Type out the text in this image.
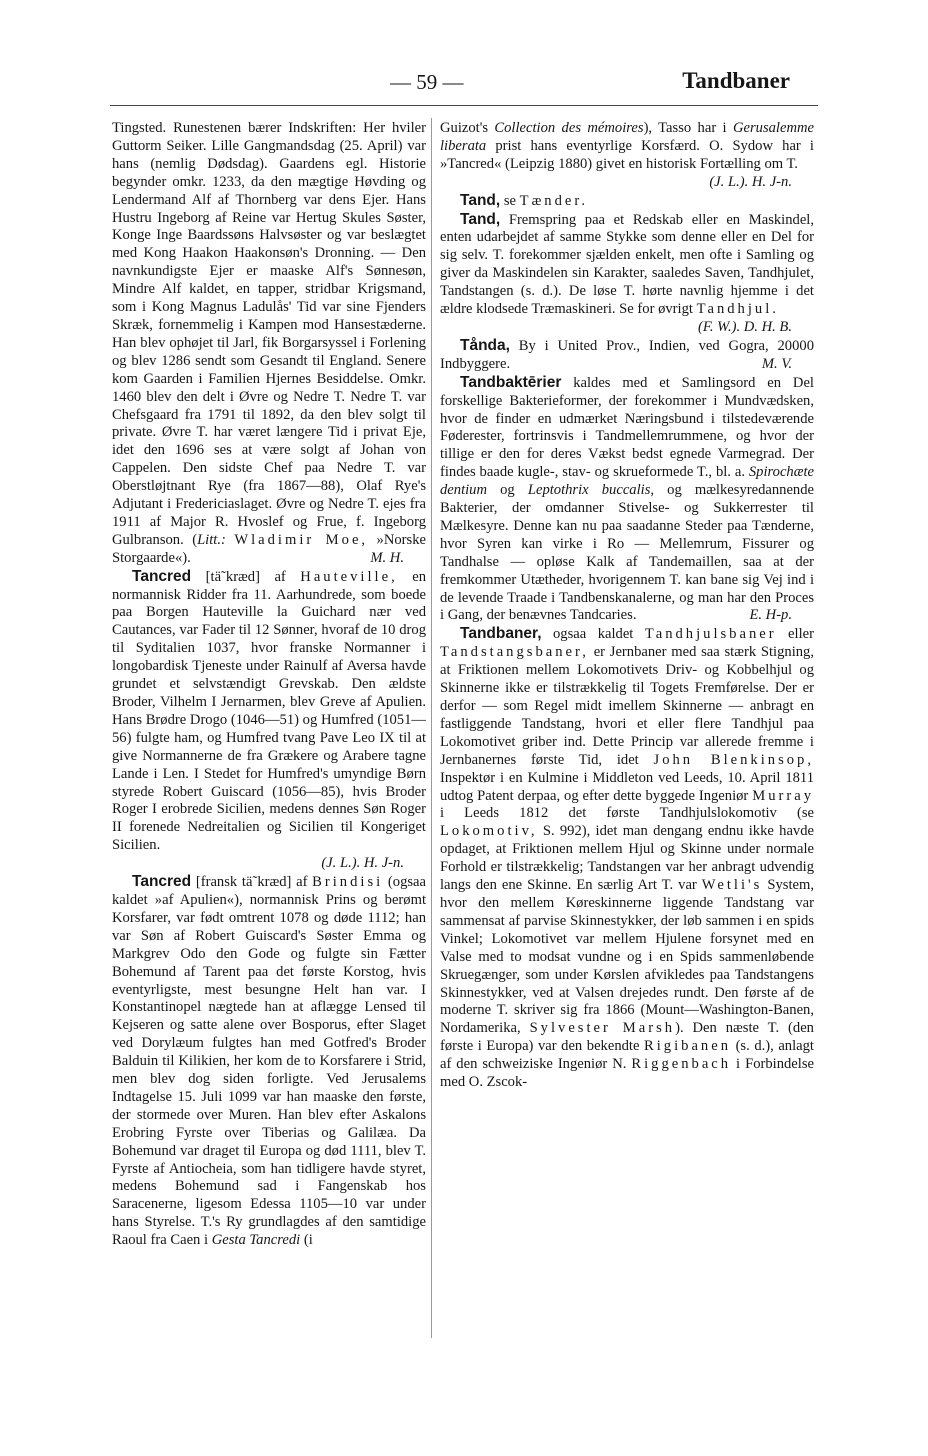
— 59 —	Tandbaner

Tingsted. Runestenen bærer Indskriften: Her hviler Guttorm Seiker. Lille Gangmandsdag (25. April) var hans (nemlig Dødsdag). Gaardens egl. Historie begynder omkr. 1233, da den mægtige Høvding og Lendermand Alf af Thornberg var dens Ejer. Hans Hustru Ingeborg af Reine var Hertug Skules Søster, Konge Inge Baardssøns Halvsøster og var beslægtet med Kong Haakon Haakonsøn's Dronning. — Den navnkundigste Ejer er maaske Alf's Sønnesøn, Mindre Alf kaldet, en tapper, stridbar Krigsmand, som i Kong Magnus Ladulås' Tid var sine Fjenders Skræk, fornemmelig i Kampen mod Hansestæderne. Han blev ophøjet til Jarl, fik Borgarsyssel i Forlening og blev 1286 sendt som Gesandt til England. Senere kom Gaarden i Familien Hjernes Besiddelse. Omkr. 1460 blev den delt i Øvre og Nedre T. Nedre T. var Chefsgaard fra 1791 til 1892, da den blev solgt til private. Øvre T. har været længere Tid i privat Eje, idet den 1696 ses at være solgt af Johan von Cappelen. Den sidste Chef paa Nedre T. var Oberstløjtnant Rye (fra 1867—88), Olaf Rye's Adjutant i Fredericiaslaget. Øvre og Nedre T. ejes fra 1911 af Major R. Hvoslef og Frue, f. Ingeborg Gulbranson. (Litt.: Wladimir Moe, »Norske Storgaarde«).	M. H.

Tancred [tä˜kræd] af Hauteville, en normannisk Ridder fra 11. Aarhundrede, som boede paa Borgen Hauteville la Guichard nær ved Cautances, var Fader til 12 Sønner, hvoraf de 10 drog til Syditalien 1037, hvor franske Normanner i longobardisk Tjeneste under Rainulf af Aversa havde grundet et selvstændigt Grevskab. Den ældste Broder, Vilhelm I Jernarmen, blev Greve af Apulien. Hans Brødre Drogo (1046—51) og Humfred (1051—56) fulgte ham, og Humfred tvang Pave Leo IX til at give Normannerne de fra Grækere og Arabere tagne Lande i Len. I Stedet for Humfred's umyndige Børn styrede Robert Guiscard (1056—85), hvis Broder Roger I erobrede Sicilien, medens dennes Søn Roger II forenede Nedreitalien og Sicilien til Kongeriget Sicilien.
(J. L.). H. J-n.

Tancred [fransk tä˜kræd] af Brindisi (ogsaa kaldet »af Apulien«), normannisk Prins og berømt Korsfarer, var født omtrent 1078 og døde 1112; han var Søn af Robert Guiscard's Søster Emma og Markgrev Odo den Gode og fulgte sin Fætter Bohemund af Tarent paa det første Korstog, hvis eventyrligste, mest besungne Helt han var. I Konstantinopel nægtede han at aflægge Lensed til Kejseren og satte alene over Bosporus, efter Slaget ved Dorylæum fulgtes han med Gotfred's Broder Balduin til Kilikien, her kom de to Korsfarere i Strid, men blev dog siden forligte. Ved Jerusalems Indtagelse 15. Juli 1099 var han maaske den første, der stormede over Muren. Han blev efter Askalons Erobring Fyrste over Tiberias og Galilæa. Da Bohemund var draget til Europa og død 1111, blev T. Fyrste af Antiocheia, som han tidligere havde styret, medens Bohemund sad i Fangenskab hos Saracenerne, ligesom Edessa 1105—10 var under hans Styrelse. T.'s Ry grundlagdes af den samtidige Raoul fra Caen i Gesta Tancredi (i

Guizot's Collection des mémoires), Tasso har i Gerusalemme liberata prist hans eventyrlige Korsfærd. O. Sydow har i »Tancred« (Leipzig 1880) givet en historisk Fortælling om T.
(J. L.). H. J-n.

Tand, se Tænder.

Tand, Fremspring paa et Redskab eller en Maskindel, enten udarbejdet af samme Stykke som denne eller en Del for sig selv. T. forekommer sjælden enkelt, men ofte i Samling og giver da Maskindelen sin Karakter, saaledes Saven, Tandhjulet, Tandstangen (s. d.). De løse T. hørte navnlig hjemme i det ældre klodsede Træmaskineri. Se for øvrigt Tandhjul.
(F. W.). D. H. B.

Tånda, By i United Prov., Indien, ved Gogra, 20000 Indbyggere.	M. V.

Tandbaktērier kaldes med et Samlingsord en Del forskellige Bakterieformer, der forekommer i Mundvædsken, hvor de finder en udmærket Næringsbund i tilstedeværende Føderester, fortrinsvis i Tandmellemrummene, og hvor der tillige er den for deres Vækst bedst egnede Varmegrad. Der findes baade kugle-, stav- og skrueformede T., bl. a. Spirochæte dentium og Leptothrix buccalis, og mælkesyredannende Bakterier, der omdanner Stivelse- og Sukkerrester til Mælkesyre. Denne kan nu paa saadanne Steder paa Tænderne, hvor Syren kan virke i Ro — Mellemrum, Fissurer og Tandhalse — opløse Kalk af Tandemaillen, saa at der fremkommer Utætheder, hvorigennem T. kan bane sig Vej ind i de levende Traade i Tandbenskanalerne, og man har den Proces i Gang, der benævnes Tandcaries.	E. H-p.

Tandbaner, ogsaa kaldet Tandhjulsbaner eller Tandstangsbaner, er Jernbaner med saa stærk Stigning, at Friktionen mellem Lokomotivets Driv- og Kobbelhjul og Skinnerne ikke er tilstrækkelig til Togets Fremførelse. Der er derfor — som Regel midt imellem Skinnerne — anbragt en fastliggende Tandstang, hvori et eller flere Tandhjul paa Lokomotivet griber ind. Dette Princip var allerede fremme i Jernbanernes første Tid, idet John Blenkinsop, Inspektør i en Kulmine i Middleton ved Leeds, 10. April 1811 udtog Patent derpaa, og efter dette byggede Ingeniør Murray i Leeds 1812 det første Tandhjulslokomotiv (se Lokomotiv, S. 992), idet man dengang endnu ikke havde opdaget, at Friktionen mellem Hjul og Skinne under normale Forhold er tilstrækkelig; Tandstangen var her anbragt udvendig langs den ene Skinne. En særlig Art T. var Wetli's System, hvor den mellem Køreskinnerne liggende Tandstang var sammensat af parvise Skinnestykker, der løb sammen i en spids Vinkel; Lokomotivet var mellem Hjulene forsynet med en Valse med to modsat vundne og i en Spids sammenløbende Skruegænger, som under Kørslen afvikledes paa Tandstangens Skinnestykker, ved at Valsen drejedes rundt. Den første af de moderne T. skriver sig fra 1866 (Mount—Washington-Banen, Nordamerika, Sylvester Marsh). Den næste T. (den første i Europa) var den bekendte Rigibanen (s. d.), anlagt af den schweiziske Ingeniør N. Riggenbach i Forbindelse med O. Zscok-
